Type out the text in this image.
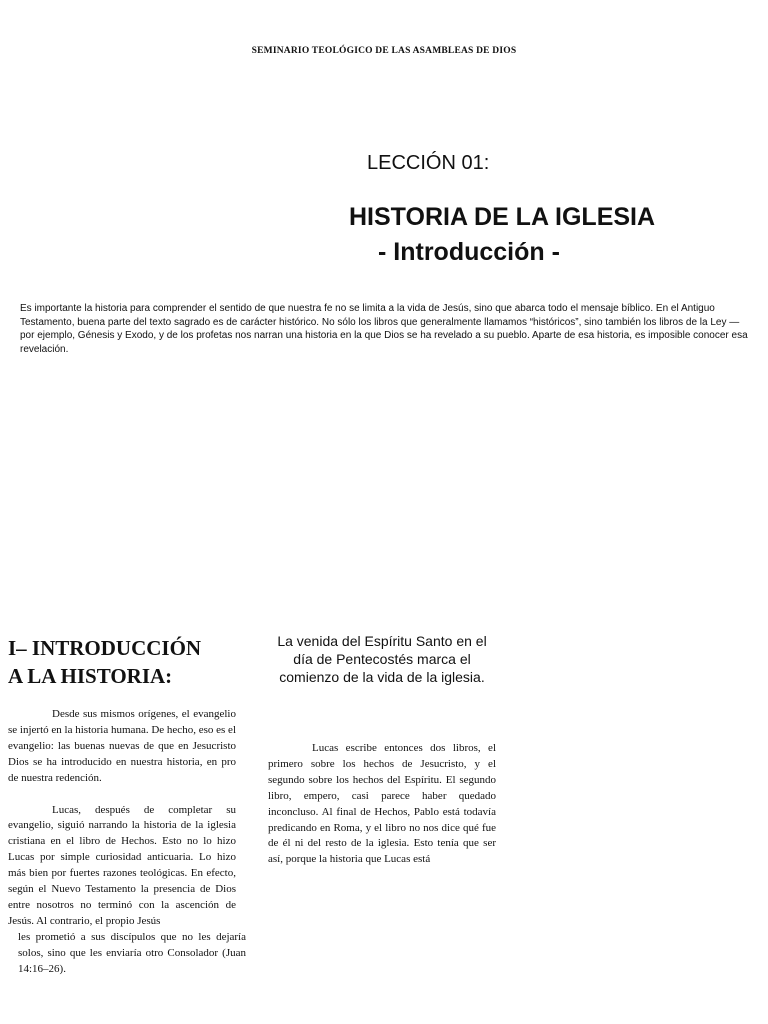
SEMINARIO TEOLÓGICO DE LAS ASAMBLEAS DE DIOS
LECCIÓN 01:
HISTORIA DE LA IGLESIA
- Introducción -

Es importante la historia para comprender el sentido de que nuestra fe no se limita a la vida de Jesús, sino que abarca todo el mensaje bíblico. En el Antiguo Testamento, buena parte del texto sagrado es de carácter histórico. No sólo los libros que generalmente llamamos “históricos”, sino también los libros de la Ley —por ejemplo, Génesis y Exodo, y de los profetas nos narran una historia en la que Dios se ha revelado a su pueblo. Aparte de esa historia, es imposible conocer esa revelación.

I– INTRODUCCIÓN
A LA HISTORIA:

Desde sus mismos orígenes, el evangelio se injertó en la historia humana. De hecho, eso es el evangelio: las buenas nuevas de que en Jesucristo Dios se ha introducido en nuestra historia, en pro de nuestra redención.

Lucas, después de completar su evangelio, siguió narrando la historia de la iglesia cristiana en el libro de Hechos. Esto no lo hizo Lucas por simple curiosidad anticuaria. Lo hizo más bien por fuertes razones teológicas. En efecto, según el Nuevo Testamento la presencia de Dios entre nosotros no terminó con la ascención de Jesús. Al contrario, el propio Jesús

les prometió a sus discípulos que no les dejaría solos, sino que les enviaría otro Consolador (Juan 14:16–26).

La venida del Espíritu Santo en el día de Pentecostés marca el comienzo de la vida de la iglesia.

Lucas escribe entonces dos libros, el primero sobre los hechos de Jesucristo, y el segundo sobre los hechos del Espíritu. El segundo libro, empero, casi parece haber quedado inconcluso. Al final de Hechos, Pablo está todavía predicando en Roma, y el libro no nos dice qué fue de él ni del resto de la iglesia. Esto tenía que ser así, porque la historia que Lucas está
